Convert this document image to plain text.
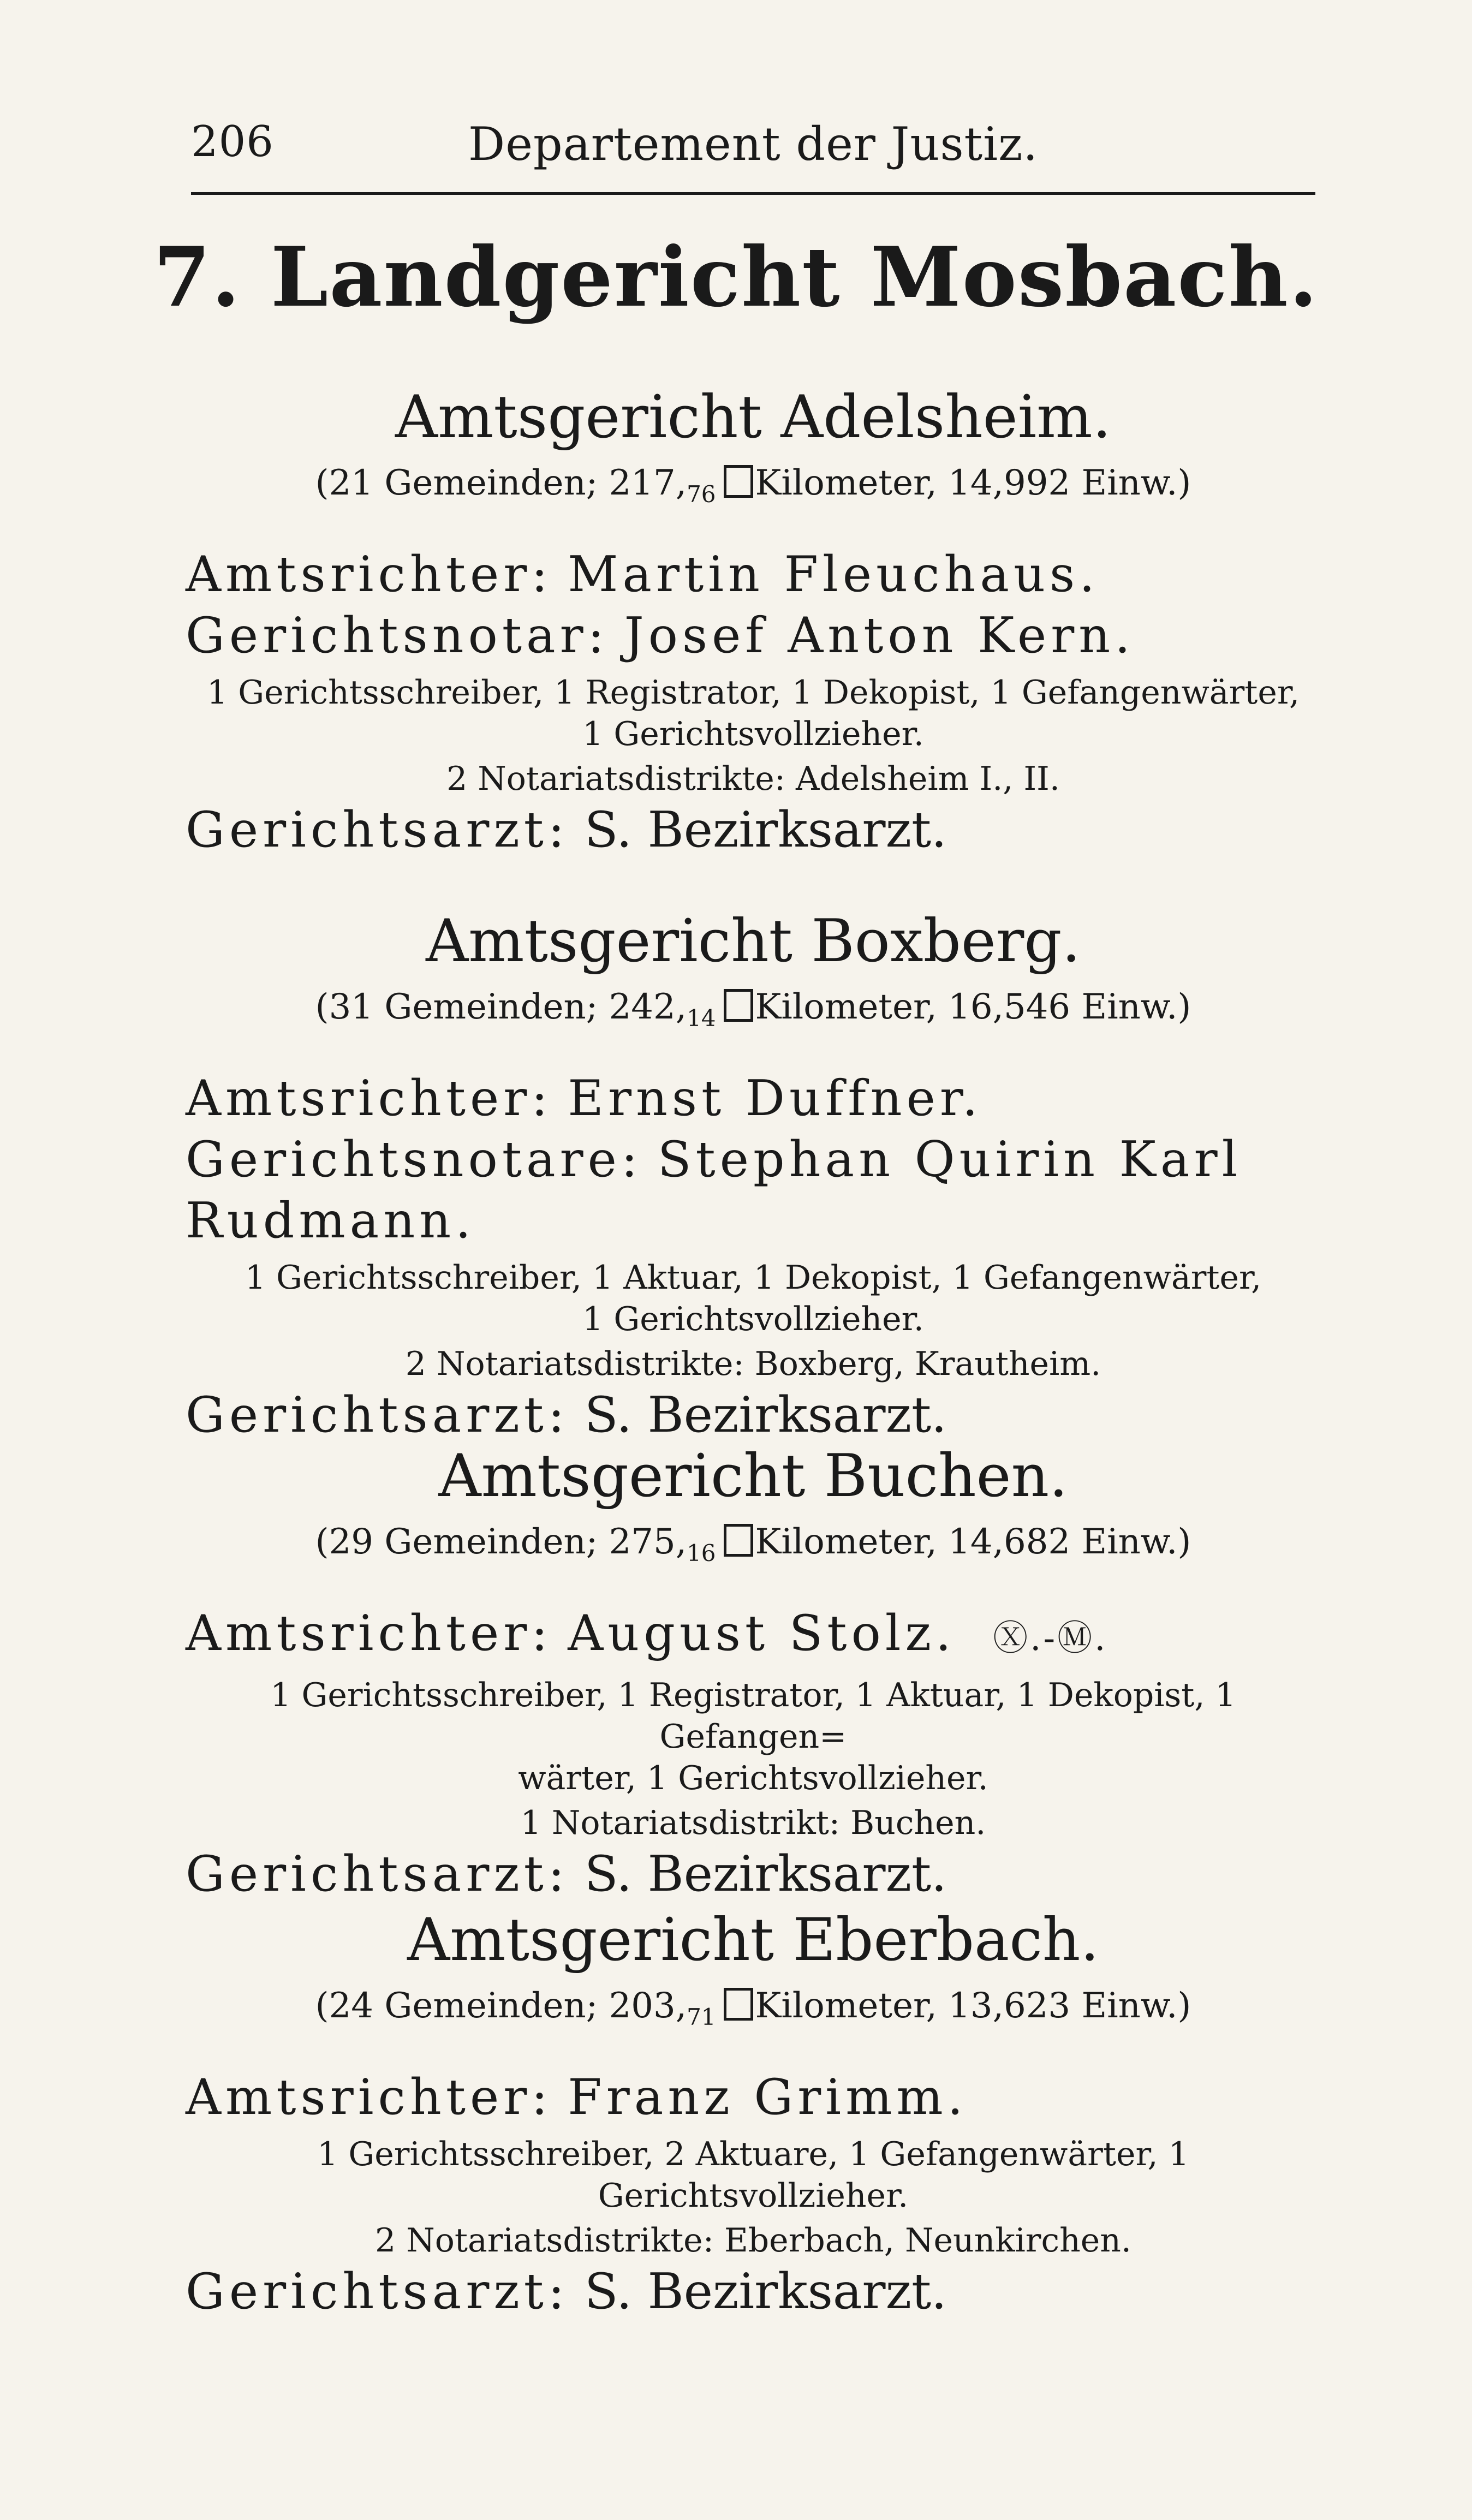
206	Departement der Justiz.
7. Landgericht Mosbach.
Amtsgericht Adelsheim.
(21 Gemeinden; $217,_{76}$ Kilometer, 14,992 Einw.)

Amtsrichter: Martin Fleuchaus.

Gerichtsnotar: Josef Anton Kern.

1 Gerichtsschreiber, 1 Registrator, 1 Dekopist, 1 Gefangenwärter,
1 Gerichtsvollzieher.
2 Notariatsdistrikte: Adelsheim I., II.

Gerichtsarzt: S. Bezirksarzt.

Amtsgericht Boxberg.
(31 Gemeinden; $242,_{14}$ Kilometer, 16,546 Einw.)

Amtsrichter: Ernst Duffner.

Gerichtsnotare: Stephan Quirin Karl Rudmann.

1 Gerichtsschreiber, 1 Aktuar, 1 Dekopist, 1 Gefangenwärter,
1 Gerichtsvollzieher.
2 Notariatsdistrikte: Boxberg, Krautheim.

Gerichtsarzt: S. Bezirksarzt.

Amtsgericht Buchen.
(29 Gemeinden; $275,_{16}$ Kilometer, 14,682 Einw.)

Amtsrichter: August Stolz. Ⓧ.-Ⓜ.

1 Gerichtsschreiber, 1 Registrator, 1 Aktuar, 1 Dekopist, 1 Gefangen=
wärter, 1 Gerichtsvollzieher.
1 Notariatsdistrikt: Buchen.

Gerichtsarzt: S. Bezirksarzt.

Amtsgericht Eberbach.
(24 Gemeinden; $203,_{71}$ Kilometer, 13,623 Einw.)

Amtsrichter: Franz Grimm.

1 Gerichtsschreiber, 2 Aktuare, 1 Gefangenwärter, 1 Gerichtsvollzieher.
2 Notariatsdistrikte: Eberbach, Neunkirchen.

Gerichtsarzt: S. Bezirksarzt.
